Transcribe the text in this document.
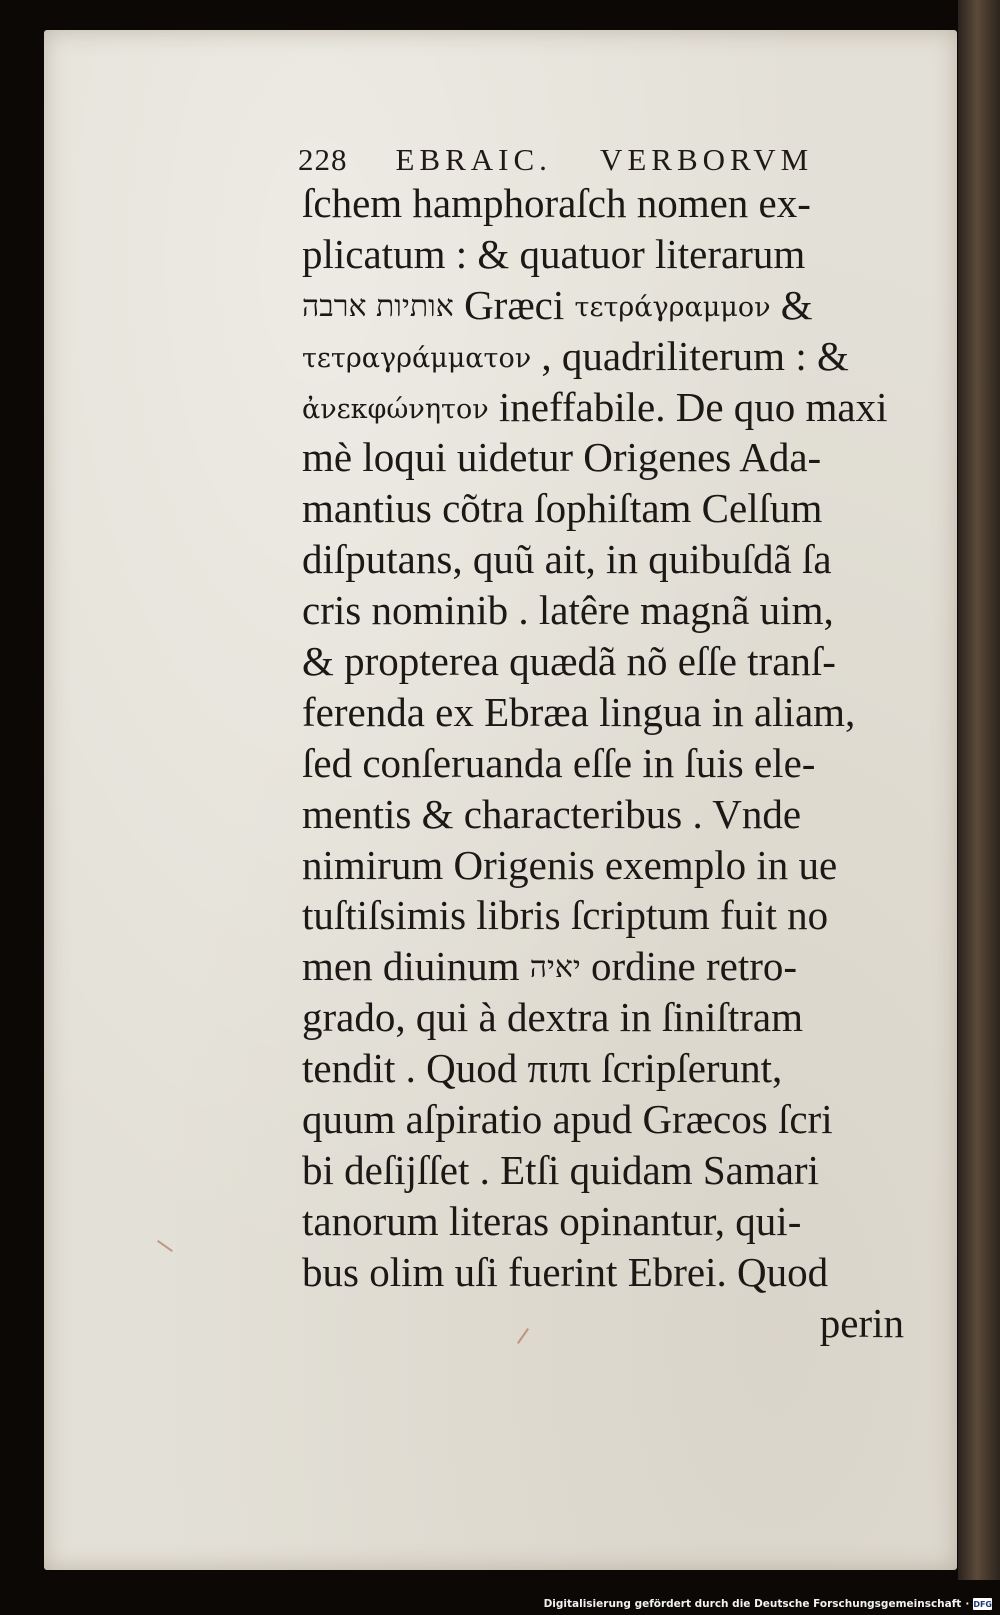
228 EBRAIC. VERBORVM
ſchem hamphoraſch nomen ex-
plicatum : & quatuor literarum
אותיות ארבה Græci τετράγραμμον &
τετραγράμματον , quadriliterum : &
ἀνεκφώνητον ineffabile. De quo maxi
mè loqui uidetur Origenes Ada-
mantius cõtra ſophiſtam Celſum
diſputans, quũ ait, in quibuſdã ſa
cris nominib . latêre magnã uim,
& propterea quædã nõ eſſe tranſ-
ferenda ex Ebræa lingua in aliam,
ſed conſeruanda eſſe in ſuis ele-
mentis & characteribus . Vnde
nimirum Origenis exemplo in ue
tuſtiſsimis libris ſcriptum fuit no
men diuinum יאיה ordine retro-
grado, qui à dextra in ſiniſtram
tendit . Quod πιπι ſcripſerunt,
quum aſpiratio apud Græcos ſcri
bi deſijſſet . Etſi quidam Samari
tanorum literas opinantur, qui-
bus olim uſi fuerint Ebrei. Quod
perin
Digitalisierung gefördert durch die Deutsche Forschungsgemeinschaft · DFG
